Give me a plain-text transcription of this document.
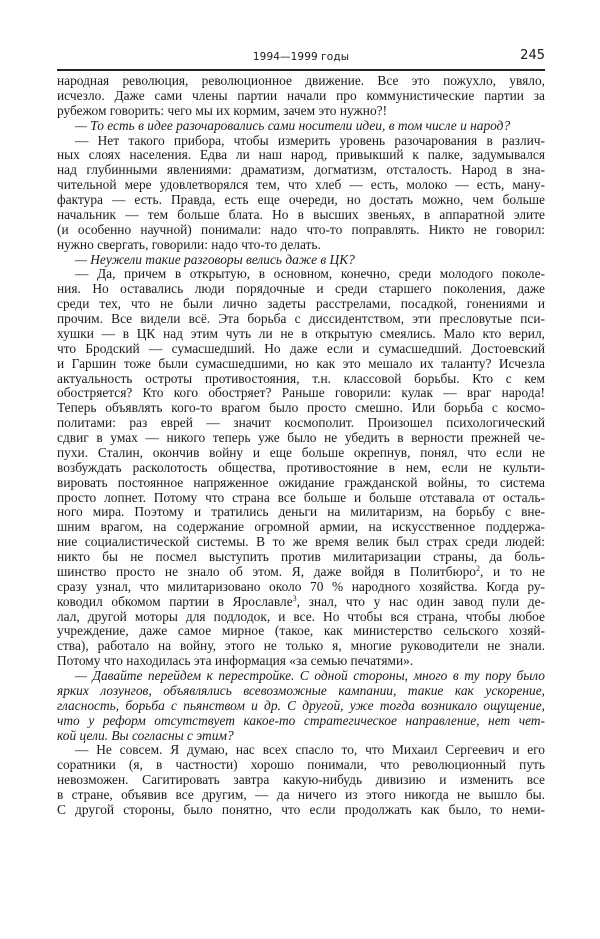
1994—1999 годы	245
народная революция, революционное движение. Все это пожухло, увяло,
исчезло. Даже сами члены партии начали про коммунистические партии за
рубежом говорить: чего мы их кормим, зачем это нужно?!
— То есть в идее разочаровались сами носители идеи, в том числе и народ?
— Нет такого прибора, чтобы измерить уровень разочарования в различ-
ных слоях населения. Едва ли наш народ, привыкший к палке, задумывался
над глубинными явлениями: драматизм, догматизм, отсталость. Народ в зна-
чительной мере удовлетворялся тем, что хлеб — есть, молоко — есть, ману-
фактура — есть. Правда, есть еще очереди, но достать можно, чем больше
начальник — тем больше блата. Но в высших звеньях, в аппаратной элите
(и особенно научной) понимали: надо что-то поправлять. Никто не говорил:
нужно свергать, говорили: надо что-то делать.
— Неужели такие разговоры велись даже в ЦК?
— Да, причем в открытую, в основном, конечно, среди молодого поколе-
ния. Но оставались люди порядочные и среди старшего поколения, даже
среди тех, что не были лично задеты расстрелами, посадкой, гонениями и
прочим. Все видели всё. Эта борьба с диссидентством, эти пресловутые пси-
хушки — в ЦК над этим чуть ли не в открытую смеялись. Мало кто верил,
что Бродский — сумасшедший. Но даже если и сумасшедший. Достоевский
и Гаршин тоже были сумасшедшими, но как это мешало их таланту? Исчезла
актуальность остроты противостояния, т.н. классовой борьбы. Кто с кем
обостряется? Кто кого обостряет? Раньше говорили: кулак — враг народа!
Теперь объявлять кого-то врагом было просто смешно. Или борьба с космо-
политами: раз еврей — значит космополит. Произошел психологический
сдвиг в умах — никого теперь уже было не убедить в верности прежней че-
пухи. Сталин, окончив войну и еще больше окрепнув, понял, что если не
возбуждать расколотость общества, противостояние в нем, если не культи-
вировать постоянное напряженное ожидание гражданской войны, то система
просто лопнет. Потому что страна все больше и больше отставала от осталь-
ного мира. Поэтому и тратились деньги на милитаризм, на борьбу с вне-
шним врагом, на содержание огромной армии, на искусственное поддержа-
ние социалистической системы. В то же время велик был страх среди людей:
никто бы не посмел выступить против милитаризации страны, да боль-
шинство просто не знало об этом. Я, даже войдя в Политбюро$^2$, и то не
сразу узнал, что милитаризовано около 70 % народного хозяйства. Когда ру-
ководил обкомом партии в Ярославле$^3$, знал, что у нас один завод пули де-
лал, другой моторы для подлодок, и все. Но чтобы вся страна, чтобы любое
учреждение, даже самое мирное (такое, как министерство сельского хозяй-
ства), работало на войну, этого не только я, многие руководители не знали.
Потому что находилась эта информация «за семью печатями».
— Давайте перейдем к перестройке. С одной стороны, много в ту пору было
ярких лозунгов, объявлялись всевозможные кампании, такие как ускорение,
гласность, борьба с пьянством и др. С другой, уже тогда возникало ощущение,
что у реформ отсутствует какое-то стратегическое направление, нет чет-
кой цели. Вы согласны с этим?
— Не совсем. Я думаю, нас всех спасло то, что Михаил Сергеевич и его
соратники (я, в частности) хорошо понимали, что революционный путь
невозможен. Сагитировать завтра какую-нибудь дивизию и изменить все
в стране, объявив все другим, — да ничего из этого никогда не вышло бы.
С другой стороны, было понятно, что если продолжать как было, то неми-
